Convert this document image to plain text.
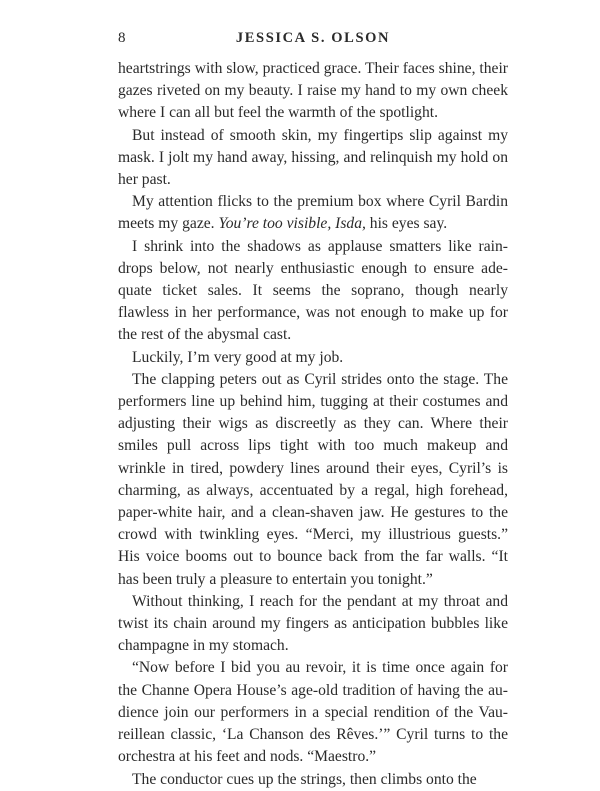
8	JESSICA S. OLSON

heartstrings with slow, practiced grace. Their faces shine, their gazes riveted on my beauty. I raise my hand to my own cheek where I can all but feel the warmth of the spotlight.

But instead of smooth skin, my fingertips slip against my mask. I jolt my hand away, hissing, and relinquish my hold on her past.

My attention flicks to the premium box where Cyril Bardin meets my gaze. You’re too visible, Isda, his eyes say.

I shrink into the shadows as applause smatters like raindrops below, not nearly enthusiastic enough to ensure adequate ticket sales. It seems the soprano, though nearly flawless in her performance, was not enough to make up for the rest of the abysmal cast.

Luckily, I’m very good at my job.

The clapping peters out as Cyril strides onto the stage. The performers line up behind him, tugging at their costumes and adjusting their wigs as discreetly as they can. Where their smiles pull across lips tight with too much makeup and wrinkle in tired, powdery lines around their eyes, Cyril’s is charming, as always, accentuated by a regal, high forehead, paper-white hair, and a clean-shaven jaw. He gestures to the crowd with twinkling eyes. “Merci, my illustrious guests.” His voice booms out to bounce back from the far walls. “It has been truly a pleasure to entertain you tonight.”

Without thinking, I reach for the pendant at my throat and twist its chain around my fingers as anticipation bubbles like champagne in my stomach.

“Now before I bid you au revoir, it is time once again for the Channe Opera House’s age-old tradition of having the audience join our performers in a special rendition of the Vaureillean classic, ‘La Chanson des Rêves.’” Cyril turns to the orchestra at his feet and nods. “Maestro.”

The conductor cues up the strings, then climbs onto the
